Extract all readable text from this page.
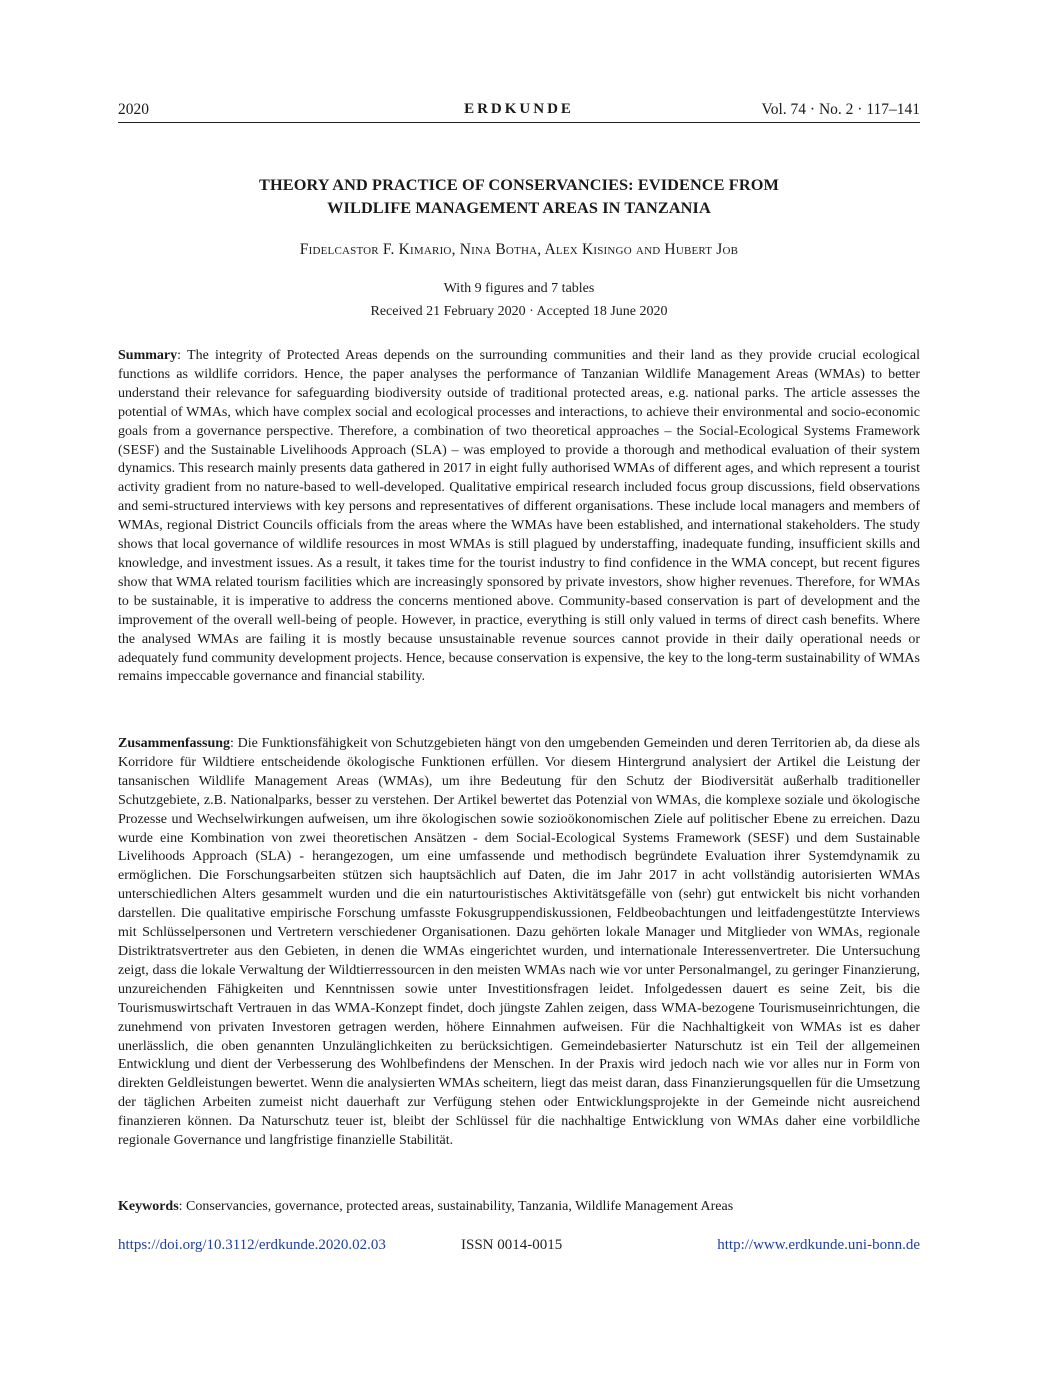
2020	ERDKUNDE	Vol. 74 · No. 2 · 117–141
THEORY AND PRACTICE OF CONSERVANCIES: EVIDENCE FROM
WILDLIFE MANAGEMENT AREAS IN TANZANIA
Fidelcastor F. Kimario, Nina Botha, Alex Kisingo and Hubert Job
With 9 figures and 7 tables
Received 21 February 2020 · Accepted 18 June 2020

Summary: The integrity of Protected Areas depends on the surrounding communities and their land as they provide crucial ecological functions as wildlife corridors. Hence, the paper analyses the performance of Tanzanian Wildlife Management Areas (WMAs) to better understand their relevance for safeguarding biodiversity outside of traditional protected areas, e.g. national parks. The article assesses the potential of WMAs, which have complex social and ecological processes and interactions, to achieve their environmental and socio-economic goals from a governance perspective. Therefore, a combination of two theoretical approaches – the Social-Ecological Systems Framework (SESF) and the Sustainable Livelihoods Approach (SLA) – was employed to provide a thorough and methodical evaluation of their system dynamics. This research mainly presents data gathered in 2017 in eight fully authorised WMAs of different ages, and which represent a tourist activity gradient from no nature-based to well-developed. Qualitative empirical research included focus group discussions, field observations and semi-structured interviews with key persons and representatives of different organisations. These include local managers and members of WMAs, regional District Councils officials from the areas where the WMAs have been established, and international stakeholders. The study shows that local governance of wildlife resources in most WMAs is still plagued by understaffing, inadequate funding, insufficient skills and knowledge, and investment issues. As a result, it takes time for the tourist industry to find confidence in the WMA concept, but recent figures show that WMA related tourism facilities which are increasingly sponsored by private investors, show higher revenues. Therefore, for WMAs to be sustainable, it is imperative to address the concerns mentioned above. Community-based conservation is part of development and the improvement of the overall well-being of people. However, in practice, everything is still only valued in terms of direct cash benefits. Where the analysed WMAs are failing it is mostly because unsustainable revenue sources cannot provide in their daily operational needs or adequately fund community development projects. Hence, because conservation is expensive, the key to the long-term sustainability of WMAs remains impeccable governance and financial stability.

Zusammenfassung: Die Funktionsfähigkeit von Schutzgebieten hängt von den umgebenden Gemeinden und deren Territorien ab, da diese als Korridore für Wildtiere entscheidende ökologische Funktionen erfüllen. Vor diesem Hintergrund analysiert der Artikel die Leistung der tansanischen Wildlife Management Areas (WMAs), um ihre Bedeutung für den Schutz der Biodiversität außerhalb traditioneller Schutzgebiete, z.B. Nationalparks, besser zu verstehen. Der Artikel bewertet das Potenzial von WMAs, die komplexe soziale und ökologische Prozesse und Wechselwirkungen aufweisen, um ihre ökologischen sowie sozioökonomischen Ziele auf politischer Ebene zu erreichen. Dazu wurde eine Kombination von zwei theoretischen Ansätzen - dem Social-Ecological Systems Framework (SESF) und dem Sustainable Livelihoods Approach (SLA) - herangezogen, um eine umfassende und methodisch begründete Evaluation ihrer Systemdynamik zu ermöglichen. Die Forschungsarbeiten stützen sich hauptsächlich auf Daten, die im Jahr 2017 in acht vollständig autorisierten WMAs unterschiedlichen Alters gesammelt wurden und die ein naturtouristisches Aktivitätsgefälle von (sehr) gut entwickelt bis nicht vorhanden darstellen. Die qualitative empirische Forschung umfasste Fokusgruppendiskussionen, Feldbeobachtungen und leitfadengestützte Interviews mit Schlüsselpersonen und Vertretern verschiedener Organisationen. Dazu gehörten lokale Manager und Mitglieder von WMAs, regionale Distriktratsvertreter aus den Gebieten, in denen die WMAs eingerichtet wurden, und internationale Interessenvertreter. Die Untersuchung zeigt, dass die lokale Verwaltung der Wildtierressourcen in den meisten WMAs nach wie vor unter Personalmangel, zu geringer Finanzierung, unzureichenden Fähigkeiten und Kenntnissen sowie unter Investitionsfragen leidet. Infolgedessen dauert es seine Zeit, bis die Tourismuswirtschaft Vertrauen in das WMA-Konzept findet, doch jüngste Zahlen zeigen, dass WMA-bezogene Tourismuseinrichtungen, die zunehmend von privaten Investoren getragen werden, höhere Einnahmen aufweisen. Für die Nachhaltigkeit von WMAs ist es daher unerlässlich, die oben genannten Unzulänglichkeiten zu berücksichtigen. Gemeindebasierter Naturschutz ist ein Teil der allgemeinen Entwicklung und dient der Verbesserung des Wohlbefindens der Menschen. In der Praxis wird jedoch nach wie vor alles nur in Form von direkten Geldleistungen bewertet. Wenn die analysierten WMAs scheitern, liegt das meist daran, dass Finanzierungsquellen für die Umsetzung der täglichen Arbeiten zumeist nicht dauerhaft zur Verfügung stehen oder Entwicklungsprojekte in der Gemeinde nicht ausreichend finanzieren können. Da Naturschutz teuer ist, bleibt der Schlüssel für die nachhaltige Entwicklung von WMAs daher eine vorbildliche regionale Governance und langfristige finanzielle Stabilität.

Keywords: Conservancies, governance, protected areas, sustainability, Tanzania, Wildlife Management Areas
https://doi.org/10.3112/erdkunde.2020.02.03	ISSN 0014-0015	http://www.erdkunde.uni-bonn.de
